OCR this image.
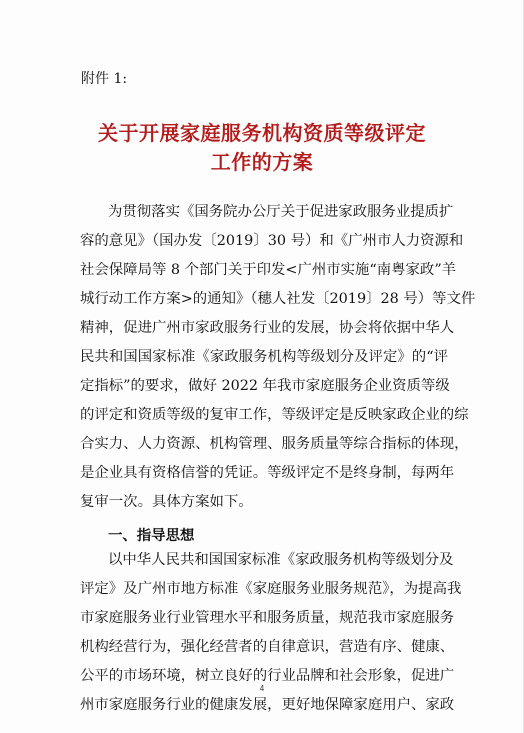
附件 1:
关于开展家庭服务机构资质等级评定
工作的方案
为贯彻落实《国务院办公厅关于促进家政服务业提质扩
容的意见》（国办发〔2019〕30 号）和《广州市人力资源和
社会保障局等 8 个部门关于印发<广州市实施“南粤家政”羊
城行动工作方案>的通知》（穗人社发〔2019〕28 号）等文件
精神，促进广州市家政服务行业的发展，协会将依据中华人
民共和国国家标准《家政服务机构等级划分及评定》的“评
定指标”的要求，做好 2022 年我市家庭服务企业资质等级
的评定和资质等级的复审工作，等级评定是反映家政企业的综
合实力、人力资源、机构管理、服务质量等综合指标的体现，
是企业具有资格信誉的凭证。等级评定不是终身制，每两年
复审一次。具体方案如下。
一、指导思想
以中华人民共和国国家标准《家政服务机构等级划分及
评定》及广州市地方标准《家庭服务业服务规范》，为提高我
市家庭服务业行业管理水平和服务质量，规范我市家庭服务
机构经营行为，强化经营者的自律意识，营造有序、健康、
公平的市场环境，树立良好的行业品牌和社会形象，促进广
州市家庭服务行业的健康发展，更好地保障家庭用户、家政
4
